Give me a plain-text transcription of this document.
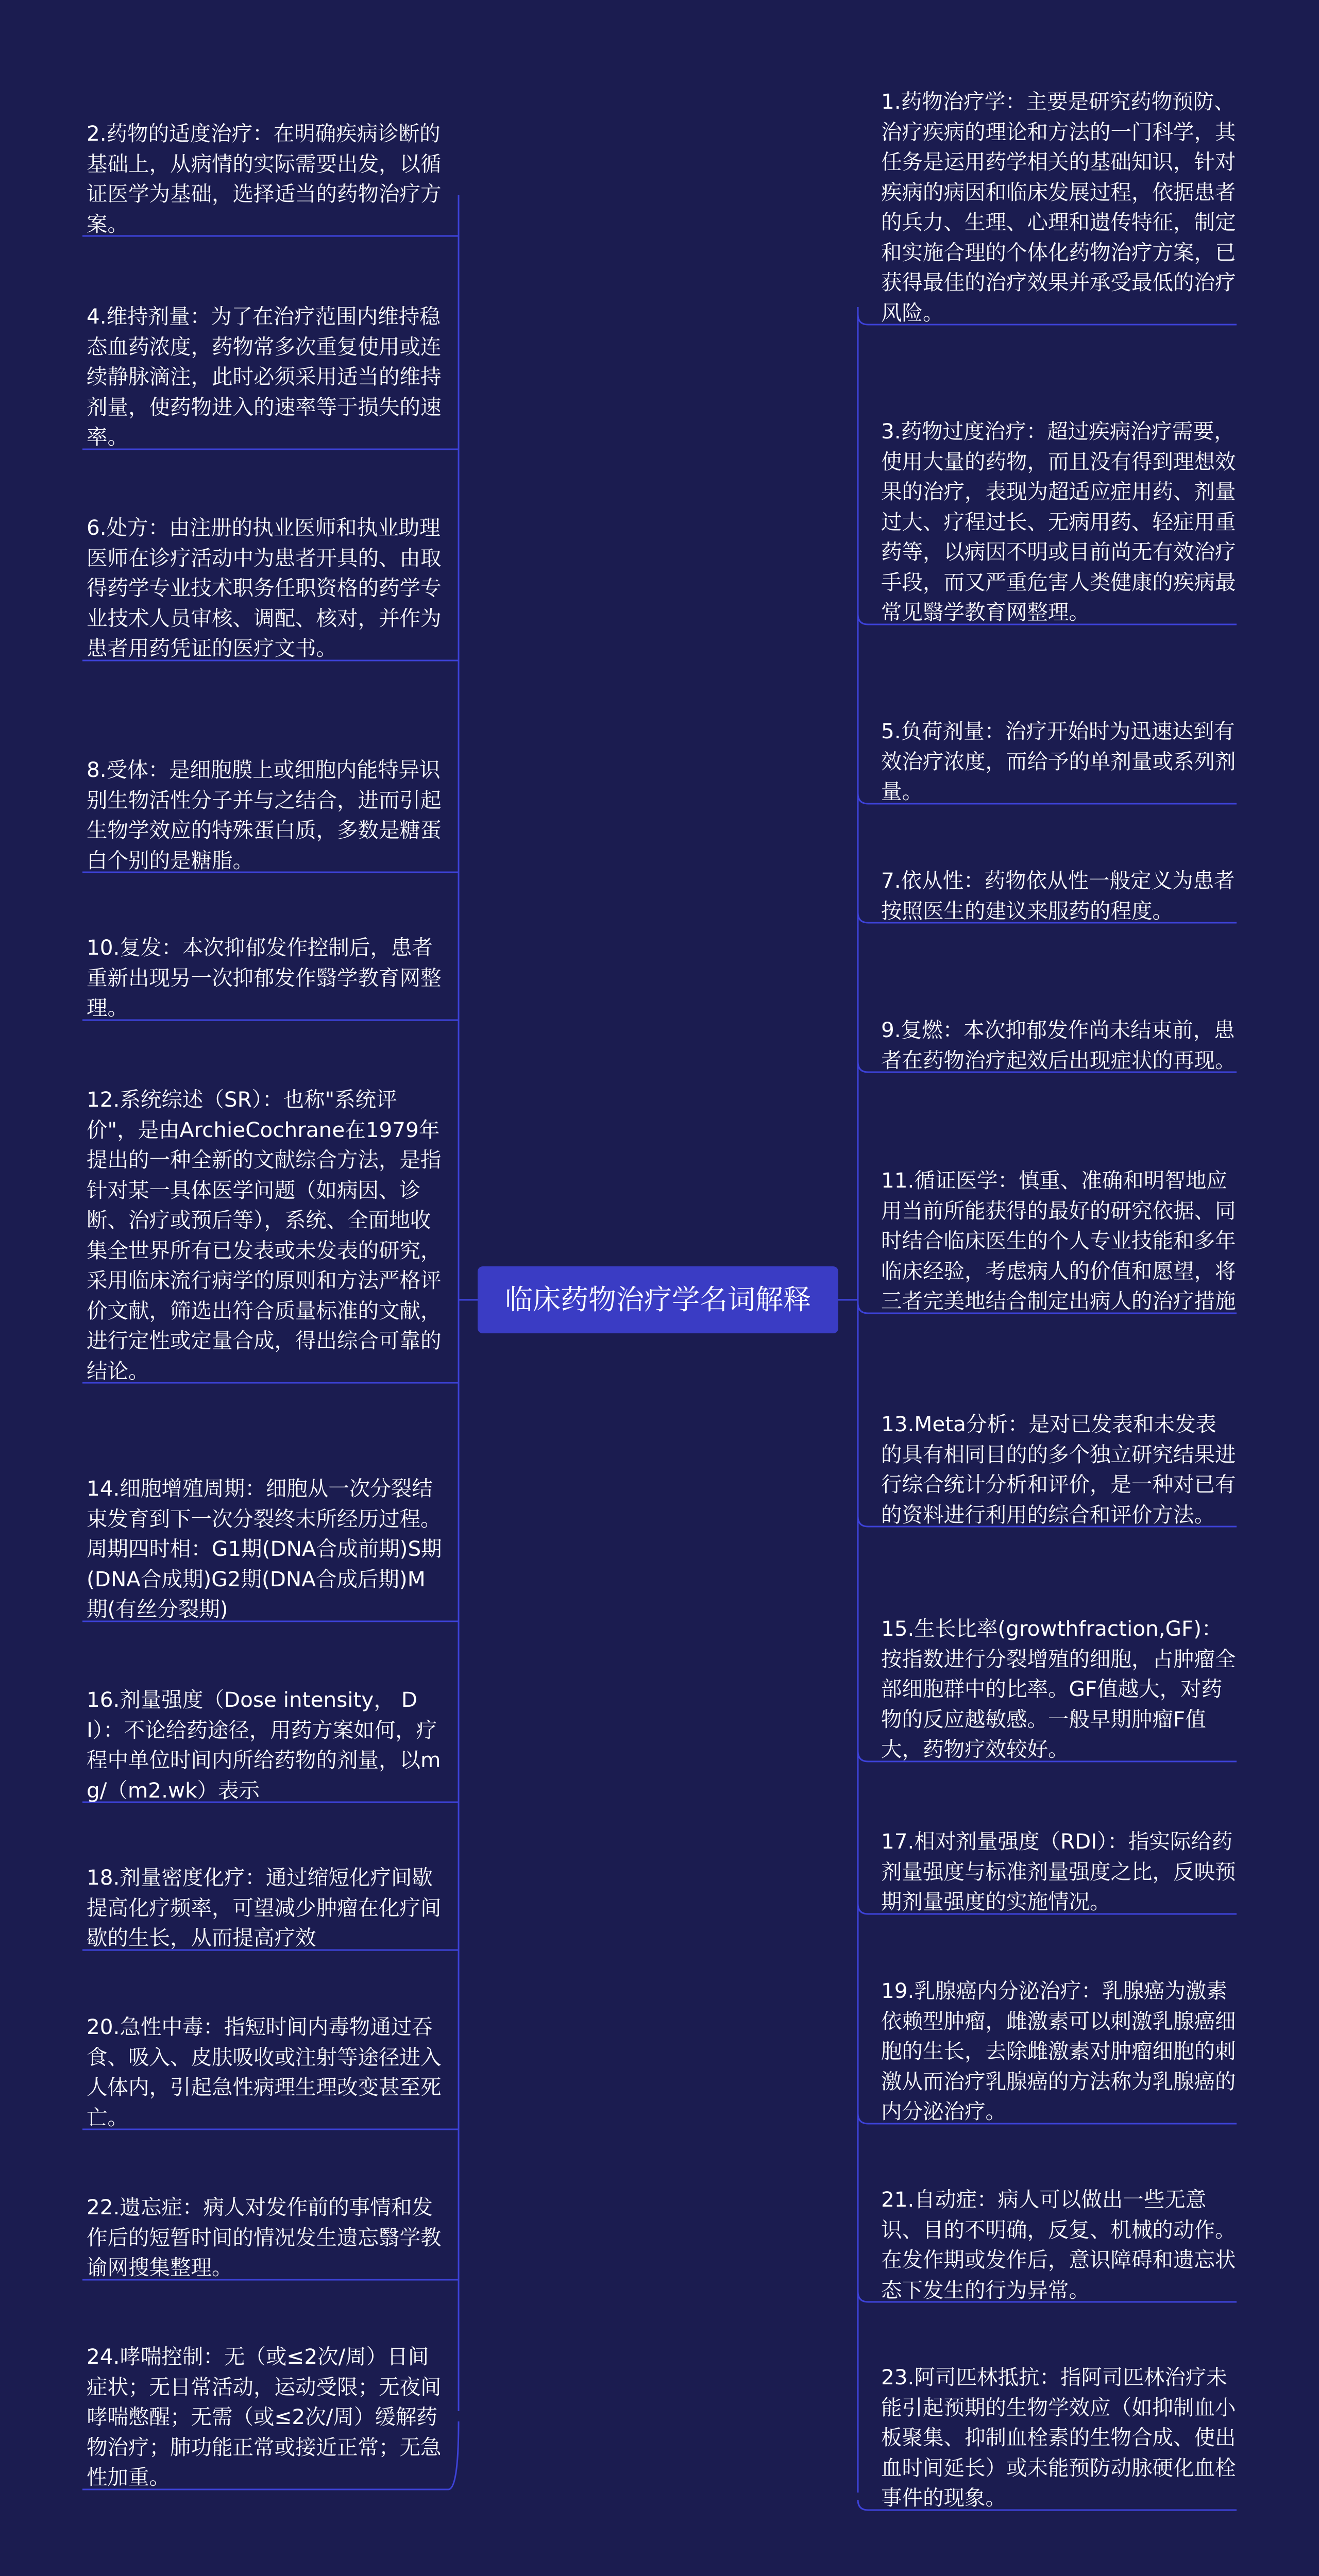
临床药物治疗学名词解释
2.药物的适度治疗：在明确疾病诊断的基础上，从病情的实际需要出发，以循证医学为基础，选择适当的药物治疗方案。
4.维持剂量：为了在治疗范围内维持稳态血药浓度，药物常多次重复使用或连续静脉滴注，此时必须采用适当的维持剂量，使药物进入的速率等于损失的速率。
6.处方：由注册的执业医师和执业助理医师在诊疗活动中为患者开具的、由取得药学专业技术职务任职资格的药学专业技术人员审核、调配、核对，并作为患者用药凭证的医疗文书。
8.受体：是细胞膜上或细胞内能特异识别生物活性分子并与之结合，进而引起生物学效应的特殊蛋白质，多数是糖蛋白个别的是糖脂。
10.复发：本次抑郁发作控制后，患者重新出现另一次抑郁发作翳学教育网整理。
12.系统综述（SR）：也称"系统评价"，是由ArchieCochrane在1979年提出的一种全新的文献综合方法，是指针对某一具体医学问题（如病因、诊断、治疗或预后等），系统、全面地收集全世界所有已发表或未发表的研究，采用临床流行病学的原则和方法严格评价文献，筛选出符合质量标准的文献，进行定性或定量合成，得出综合可靠的结论。
14.细胞增殖周期：细胞从一次分裂结束发育到下一次分裂终末所经历过程。周期四时相：G1期(DNA合成前期)S期(DNA合成期)G2期(DNA合成后期)M期(有丝分裂期)
16.剂量强度（Dose intensity， DI）：不论给药途径，用药方案如何，疗程中单位时间内所给药物的剂量，以mg/（m2.wk）表示
18.剂量密度化疗：通过缩短化疗间歇提高化疗频率，可望减少肿瘤在化疗间歇的生长，从而提高疗效
20.急性中毒：指短时间内毒物通过吞食、吸入、皮肤吸收或注射等途径进入人体内，引起急性病理生理改变甚至死亡。
22.遗忘症：病人对发作前的事情和发作后的短暂时间的情况发生遗忘翳学教谕网搜集整理。
24.哮喘控制：无（或≤2次/周）日间症状；无日常活动，运动受限；无夜间哮喘憋醒；无需（或≤2次/周）缓解药物治疗；肺功能正常或接近正常；无急性加重。
1.药物治疗学：主要是研究药物预防、治疗疾病的理论和方法的一门科学，其任务是运用药学相关的基础知识，针对疾病的病因和临床发展过程，依据患者的兵力、生理、心理和遗传特征，制定和实施合理的个体化药物治疗方案，已获得最佳的治疗效果并承受最低的治疗风险。
3.药物过度治疗：超过疾病治疗需要，使用大量的药物，而且没有得到理想效果的治疗，表现为超适应症用药、剂量过大、疗程过长、无病用药、轻症用重药等，以病因不明或目前尚无有效治疗手段，而又严重危害人类健康的疾病最常见翳学教育网整理。
5.负荷剂量：治疗开始时为迅速达到有效治疗浓度，而给予的单剂量或系列剂量。
7.依从性：药物依从性一般定义为患者按照医生的建议来服药的程度。
9.复燃：本次抑郁发作尚未结束前，患者在药物治疗起效后出现症状的再现。
11.循证医学：慎重、准确和明智地应用当前所能获得的最好的研究依据、同时结合临床医生的个人专业技能和多年临床经验，考虑病人的价值和愿望，将三者完美地结合制定出病人的治疗措施
13.Meta分析：是对已发表和未发表的具有相同目的的多个独立研究结果进行综合统计分析和评价，是一种对已有的资料进行利用的综合和评价方法。
15.生长比率(growthfraction,GF)：按指数进行分裂增殖的细胞，占肿瘤全部细胞群中的比率。GF值越大，对药物的反应越敏感。一般早期肿瘤F值大，药物疗效较好。
17.相对剂量强度（RDI）：指实际给药剂量强度与标准剂量强度之比，反映预期剂量强度的实施情况。
19.乳腺癌内分泌治疗：乳腺癌为激素依赖型肿瘤，雌激素可以刺激乳腺癌细胞的生长，去除雌激素对肿瘤细胞的刺激从而治疗乳腺癌的方法称为乳腺癌的内分泌治疗。
21.自动症：病人可以做出一些无意识、目的不明确，反复、机械的动作。在发作期或发作后，意识障碍和遗忘状态下发生的行为异常。
23.阿司匹林抵抗：指阿司匹林治疗未能引起预期的生物学效应（如抑制血小板聚集、抑制血栓素的生物合成、使出血时间延长）或未能预防动脉硬化血栓事件的现象。
